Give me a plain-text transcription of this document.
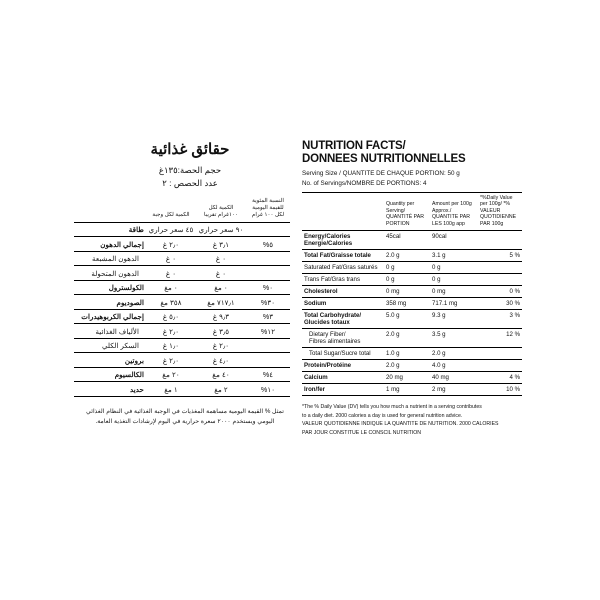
حقائق غذائية
حجم الحصة:١٣٥غ
عدد الحصص : ٢
النسبة المئوية للقيمة اليومية لكل ١٠٠ غرام	الكمية لكل ١٠٠غرام تقريبا	الكمية لكل وجبة	
	٩٠ سعر حراري	٤٥ سعر حراري	طاقة
٥%	٣٫١ غ	٢٫٠ غ	إجمالي الدهون
	٠ غ	٠ غ	الدهون المشبعة
	٠ غ	٠ غ	الدهون المتحولة
٠%	٠ مغ	٠ مغ	الكولسترول
٣٠%	٧١٧٫١ مغ	٣٥٨ مغ	الصوديوم
٣%	٩٫٣ غ	٥٫٠ غ	إجمالي الكربوهيدرات
١٢%	٣٫٥ غ	٢٫٠ غ	الألياف الغذائية
	٢٫٠ غ	١٫٠ غ	السكر الكلي
	٤٫٠ غ	٢٫٠ غ	بروتين
٤%	٤٠ مغ	٢٠ مغ	الكالسيوم
١٠%	٢ مغ	١ مغ	حديد
تمثل % القيمة اليومية مساهمة المغذيات في الوجبة الغذائية في النظام الغذائي اليومي ويستخدم ٢٠٠٠ سعرة حرارية في اليوم لإرشادات التغذية العامة.
NUTRITION FACTS/
DONNEES NUTRITIONNELLES
Serving Size / QUANTITE DE CHAQUE PORTION: 50 g
No. of Servings/NOMBRE DE PORTIONS: 4
	Quantity per Serving/ QUANTITÉ PAR PORTION	Amount per 100g Approx./ QUANTITE PAR LES 100g app	*%Daily Value per 100g/ *% VALEUR QUOTIDIENNE PAR 100g
Energy/Calories
Energie/Calories	45cal	90cal	
Total Fat/Graisse totale	2.0 g	3.1 g	5 %
Saturated Fat/Gras saturés	0 g	0 g	
Trans Fat/Gras trans	0 g	0 g	
Cholesterol	0 mg	0 mg	0 %
Sodium	358 mg	717.1 mg	30 %
Total Carbohydrate/
Glucides totaux	5.0 g	9.3 g	3 %
Dietary Fiber/
Fibres alimentaires	2.0 g	3.5 g	12 %
Total Sugar/Sucre total	1.0 g	2.0 g	
Protein/Protéine	2.0 g	4.0 g	
Calcium	20 mg	40 mg	4 %
Iron/fer	1 mg	2 mg	10 %
*The % Daily Value (DV) tells you how much a nutrient in a serving contributes
to a daily diet. 2000 calories a day is used for general nutrition advice.
VALEUR QUOTIDIENNE INDIQUE LA QUANTITE DE NUTRITION. 2000 CALORIES
PAR JOUR CONSTITUE LE CONSCIL NUTRITION
